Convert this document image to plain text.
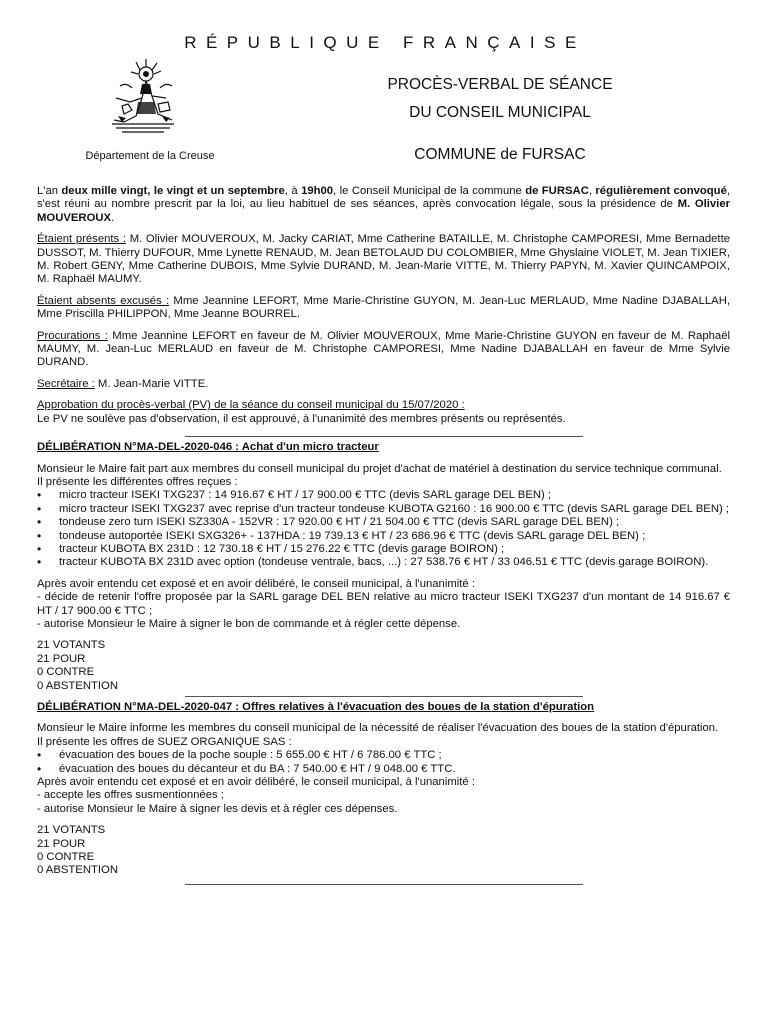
RÉPUBLIQUE FRANÇAISE
PROCÈS-VERBAL DE SÉANCE
DU CONSEIL MUNICIPAL
Département de la Creuse	COMMUNE de FURSAC

L'an deux mille vingt, le vingt et un septembre, à 19h00, le Conseil Municipal de la commune de FURSAC, régulièrement convoqué, s'est réuni au nombre prescrit par la loi, au lieu habituel de ses séances, après convocation légale, sous la présidence de M. Olivier MOUVEROUX.

Étaient présents : M. Olivier MOUVEROUX, M. Jacky CARIAT, Mme Catherine BATAILLE, M. Christophe CAMPORESI, Mme Bernadette DUSSOT, M. Thierry DUFOUR, Mme Lynette RENAUD, M. Jean BETOLAUD DU COLOMBIER, Mme Ghyslaine VIOLET, M. Jean TIXIER, M. Robert GENY, Mme Catherine DUBOIS, Mme Sylvie DURAND, M. Jean-Marie VITTE, M. Thierry PAPYN, M. Xavier QUINCAMPOIX, M. Raphaël MAUMY.

Étaient absents excusés : Mme Jeannine LEFORT, Mme Marie-Christine GUYON, M. Jean-Luc MERLAUD, Mme Nadine DJABALLAH, Mme Priscilla PHILIPPON, Mme Jeanne BOURREL.

Procurations : Mme Jeannine LEFORT en faveur de M. Olivier MOUVEROUX, Mme Marie-Christine GUYON en faveur de M. Raphaël MAUMY, M. Jean-Luc MERLAUD en faveur de M. Christophe CAMPORESI, Mme Nadine DJABALLAH en faveur de Mme Sylvie DURAND.

Secrétaire : M. Jean-Marie VITTE.

Approbation du procès-verbal (PV) de la séance du conseil municipal du 15/07/2020 :

Le PV ne soulève pas d'observation, il est approuvé, à l'unanimité des membres présents ou représentés.

DÉLIBÉRATION N°MA-DEL-2020-046 : Achat d'un micro tracteur

Monsieur le Maire fait part aux membres du conseil municipal du projet d'achat de matériel à destination du service technique communal.

Il présente les différentes offres reçues :

• micro tracteur ISEKI TXG237 : 14 916.67 € HT / 17 900.00 € TTC (devis SARL garage DEL BEN) ;
• micro tracteur ISEKI TXG237 avec reprise d'un tracteur tondeuse KUBOTA G2160 : 16 900.00 € TTC (devis SARL garage DEL BEN) ;
• tondeuse zero turn ISEKI SZ330A - 152VR : 17 920.00 € HT / 21 504.00 € TTC (devis SARL garage DEL BEN) ;
• tondeuse autoportée ISEKI SXG326+ - 137HDA : 19 739.13 € HT / 23 686.96 € TTC (devis SARL garage DEL BEN) ;
• tracteur KUBOTA BX 231D : 12 730.18 € HT / 15 276.22 € TTC (devis garage BOIRON) ;
• tracteur KUBOTA BX 231D avec option (tondeuse ventrale, bacs, ...) : 27 538.76 € HT / 33 046.51 € TTC (devis garage BOIRON).

Après avoir entendu cet exposé et en avoir délibéré, le conseil municipal, à l'unanimité :

- décide de retenir l'offre proposée par la SARL garage DEL BEN relative au micro tracteur ISEKI TXG237 d'un montant de 14 916.67 € HT / 17 900.00 € TTC ;

- autorise Monsieur le Maire à signer le bon de commande et à régler cette dépense.

21 VOTANTS
21 POUR
0 CONTRE
0 ABSTENTION

DÉLIBÉRATION N°MA-DEL-2020-047 : Offres relatives à l'évacuation des boues de la station d'épuration

Monsieur le Maire informe les membres du conseil municipal de la nécessité de réaliser l'évacuation des boues de la station d'épuration.

Il présente les offres de SUEZ ORGANIQUE SAS :

• évacuation des boues de la poche souple : 5 655.00 € HT / 6 786.00 € TTC ;
• évacuation des boues du décanteur et du BA : 7 540.00 € HT / 9 048.00 € TTC.

Après avoir entendu cet exposé et en avoir délibéré, le conseil municipal, à l'unanimité :

- accepte les offres susmentionnées ;

- autorise Monsieur le Maire à signer les devis et à régler ces dépenses.

21 VOTANTS
21 POUR
0 CONTRE
0 ABSTENTION
